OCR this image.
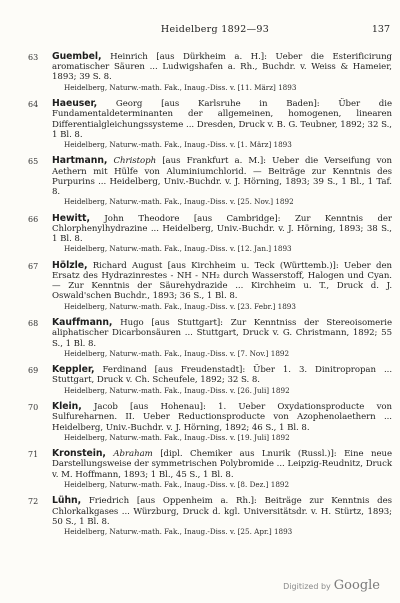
Heidelberg 1892—93	137
63	Guembel, Heinrich [aus Dürkheim a. H.]: Ueber die Esterificirung aromatischer Säuren ... Ludwigshafen a. Rh., Buchdr. v. Weiss & Hameier, 1893; 39 S. 8.
Heidelberg, Naturw.-math. Fak., Inaug.-Diss. v. [11. März] 1893
64	Haeuser, Georg [aus Karlsruhe in Baden]: Über die Fundamentaldeterminanten der allgemeinen, homogenen, linearen Differentialgleichungssysteme ... Dresden, Druck v. B. G. Teubner, 1892; 32 S., 1 Bl. 8.
Heidelberg, Naturw.-math. Fak., Inaug.-Diss. v. [1. März] 1893
65	Hartmann, Christoph [aus Frankfurt a. M.]: Ueber die Verseifung von Aethern mit Hülfe von Aluminiumchlorid. — Beiträge zur Kenntnis des Purpurins ... Heidelberg, Univ.-Buchdr. v. J. Hörning, 1893; 39 S., 1 Bl., 1 Taf. 8.
Heidelberg, Naturw.-math. Fak., Inaug.-Diss. v. [25. Nov.] 1892
66	Hewitt, John Theodore [aus Cambridge]: Zur Kenntnis der Chlorphenylhydrazine ... Heidelberg, Univ.-Buchdr. v. J. Hörning, 1893; 38 S., 1 Bl. 8.
Heidelberg, Naturw.-math. Fak., Inaug.-Diss. v. [12. Jan.] 1893
67	Hölzle, Richard August [aus Kirchheim u. Teck (Württemb.)]: Ueber den Ersatz des Hydrazinrestes - NH - NH₂ durch Wasserstoff, Halogen und Cyan. — Zur Kenntnis der Säurehydrazide ... Kirchheim u. T., Druck d. J. Oswald'schen Buchdr., 1893; 36 S., 1 Bl. 8.
Heidelberg, Naturw.-math. Fak., Inaug.-Diss. v. [23. Febr.] 1893
68	Kauffmann, Hugo [aus Stuttgart]: Zur Kenntniss der Stereoisomerie aliphatischer Dicarbonsäuren ... Stuttgart, Druck v. G. Christmann, 1892; 55 S., 1 Bl. 8.
Heidelberg, Naturw.-math. Fak., Inaug.-Diss. v. [7. Nov.] 1892
69	Keppler, Ferdinand [aus Freudenstadt]: Über 1. 3. Dinitropropan ... Stuttgart, Druck v. Ch. Scheufele, 1892; 32 S. 8.
Heidelberg, Naturw.-math. Fak., Inaug.-Diss. v. [26. Juli] 1892
70	Klein, Jacob [aus Hohenau]: 1. Ueber Oxydationsproducte von Sulfureharnen. II. Ueber Reductionsproducte von Azophenolaethern ... Heidelberg, Univ.-Buchdr. v. J. Hörning, 1892; 46 S., 1 Bl. 8.
Heidelberg, Naturw.-math. Fak., Inaug.-Diss. v. [19. Juli] 1892
71	Kronstein, Abraham [dipl. Chemiker aus Lnurik (Russl.)]: Eine neue Darstellungsweise der symmetrischen Polybromide ... Leipzig-Reudnitz, Druck v. M. Hoffmann, 1893; 1 Bl., 45 S., 1 Bl. 8.
Heidelberg, Naturw.-math. Fak., Inaug.-Diss. v. [8. Dez.] 1892
72	Lühn, Friedrich [aus Oppenheim a. Rh.]: Beiträge zur Kenntnis des Chlorkalkgases ... Würzburg, Druck d. kgl. Universitätsdr. v. H. Stürtz, 1893; 50 S., 1 Bl. 8.
Heidelberg, Naturw.-math. Fak., Inaug.-Diss. v. [25. Apr.] 1893
Digitized by Google
